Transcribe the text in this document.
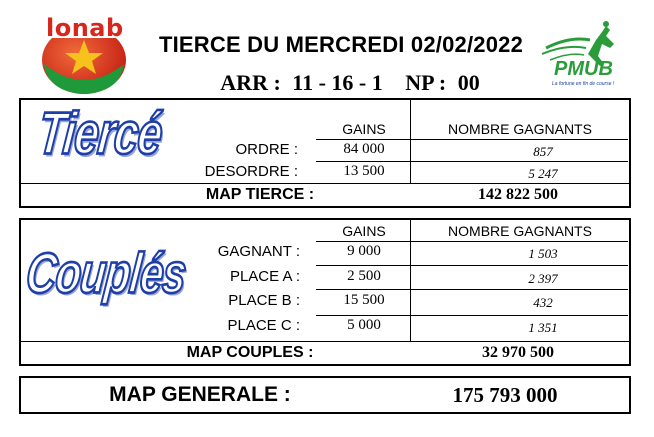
lonab
TIERCE DU MERCREDI 02/02/2022
ARR : 11 - 16 - 1 NP : 00
PMUB
La fortune en fin de course !
Tiercé	GAINS	NOMBRE GAGNANTS
ORDRE :	84 000	857
DESORDRE :	13 500	5 247
MAP TIERCE :	142 822 500
Couplés
GAINS	NOMBRE GAGNANTS
GAGNANT :	9 000	1 503
PLACE A :	2 500	2 397
PLACE B :	15 500	432
PLACE C :	5 000	1 351
MAP COUPLES :	32 970 500
MAP GENERALE :	175 793 000
